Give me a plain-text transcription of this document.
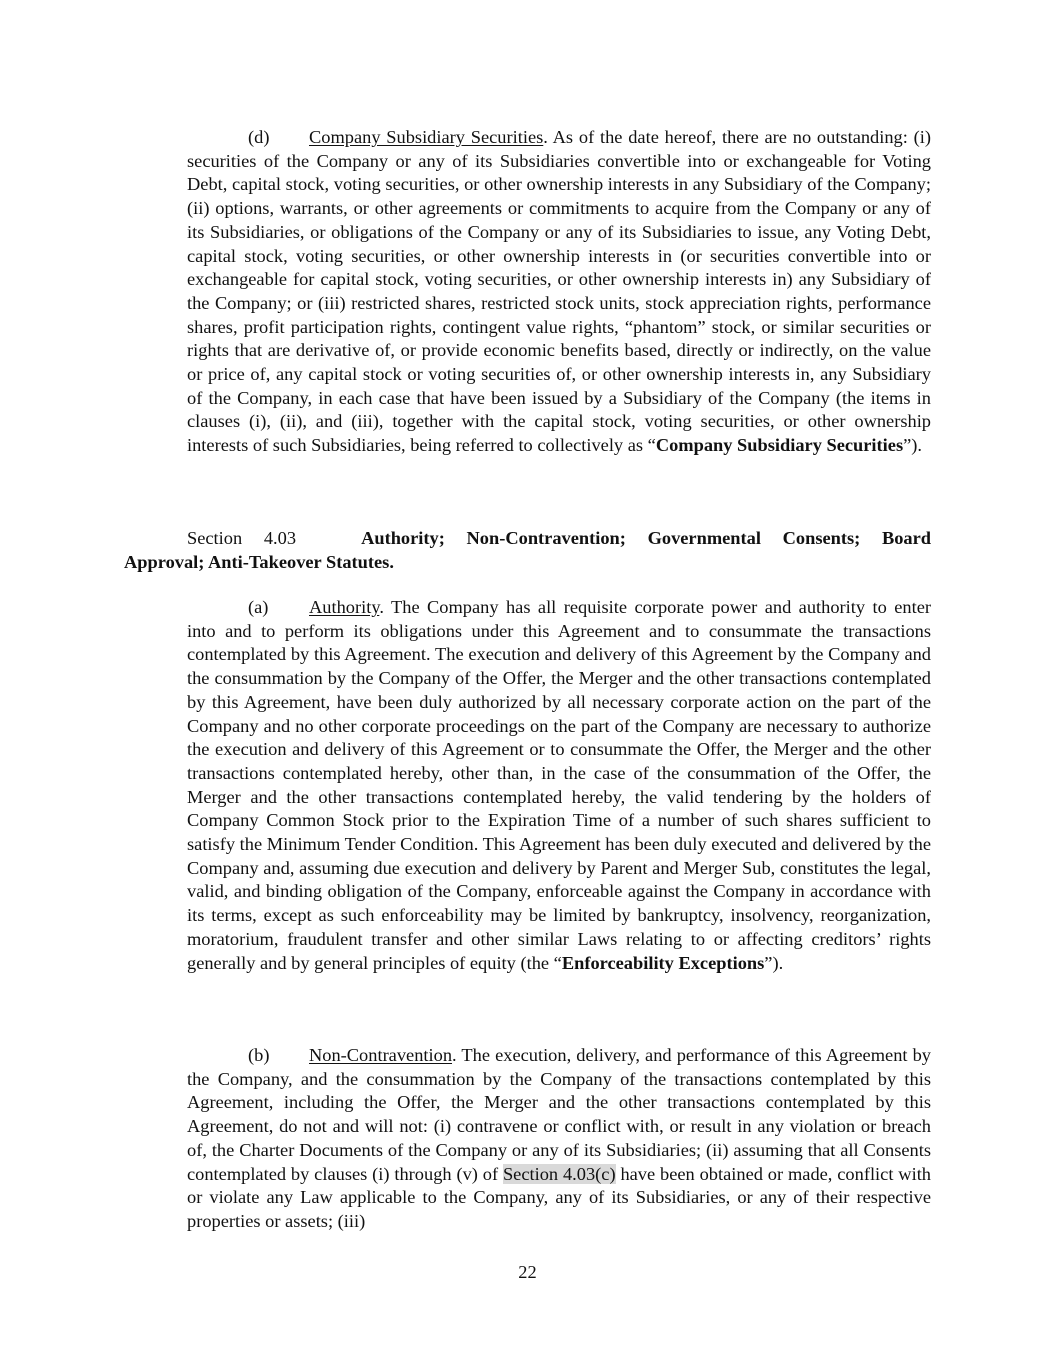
(d) Company Subsidiary Securities. As of the date hereof, there are no outstanding: (i) securities of the Company or any of its Subsidiaries convertible into or exchangeable for Voting Debt, capital stock, voting securities, or other ownership interests in any Subsidiary of the Company; (ii) options, warrants, or other agreements or commitments to acquire from the Company or any of its Subsidiaries, or obligations of the Company or any of its Subsidiaries to issue, any Voting Debt, capital stock, voting securities, or other ownership interests in (or securities convertible into or exchangeable for capital stock, voting securities, or other ownership interests in) any Subsidiary of the Company; or (iii) restricted shares, restricted stock units, stock appreciation rights, performance shares, profit participation rights, contingent value rights, “phantom” stock, or similar securities or rights that are derivative of, or provide economic benefits based, directly or indirectly, on the value or price of, any capital stock or voting securities of, or other ownership interests in, any Subsidiary of the Company, in each case that have been issued by a Subsidiary of the Company (the items in clauses (i), (ii), and (iii), together with the capital stock, voting securities, or other ownership interests of such Subsidiaries, being referred to collectively as “Company Subsidiary Securities”).

Section 4.03	Authority; Non-Contravention; Governmental Consents; Board
Approval; Anti-Takeover Statutes.

(a) Authority. The Company has all requisite corporate power and authority to enter into and to perform its obligations under this Agreement and to consummate the transactions contemplated by this Agreement. The execution and delivery of this Agreement by the Company and the consummation by the Company of the Offer, the Merger and the other transactions contemplated by this Agreement, have been duly authorized by all necessary corporate action on the part of the Company and no other corporate proceedings on the part of the Company are necessary to authorize the execution and delivery of this Agreement or to consummate the Offer, the Merger and the other transactions contemplated hereby, other than, in the case of the consummation of the Offer, the Merger and the other transactions contemplated hereby, the valid tendering by the holders of Company Common Stock prior to the Expiration Time of a number of such shares sufficient to satisfy the Minimum Tender Condition. This Agreement has been duly executed and delivered by the Company and, assuming due execution and delivery by Parent and Merger Sub, constitutes the legal, valid, and binding obligation of the Company, enforceable against the Company in accordance with its terms, except as such enforceability may be limited by bankruptcy, insolvency, reorganization, moratorium, fraudulent transfer and other similar Laws relating to or affecting creditors’ rights generally and by general principles of equity (the “Enforceability Exceptions”).

(b) Non-Contravention. The execution, delivery, and performance of this Agreement by the Company, and the consummation by the Company of the transactions contemplated by this Agreement, including the Offer, the Merger and the other transactions contemplated by this Agreement, do not and will not: (i) contravene or conflict with, or result in any violation or breach of, the Charter Documents of the Company or any of its Subsidiaries; (ii) assuming that all Consents contemplated by clauses (i) through (v) of Section 4.03(c) have been obtained or made, conflict with or violate any Law applicable to the Company, any of its Subsidiaries, or any of their respective properties or assets; (iii)

22
